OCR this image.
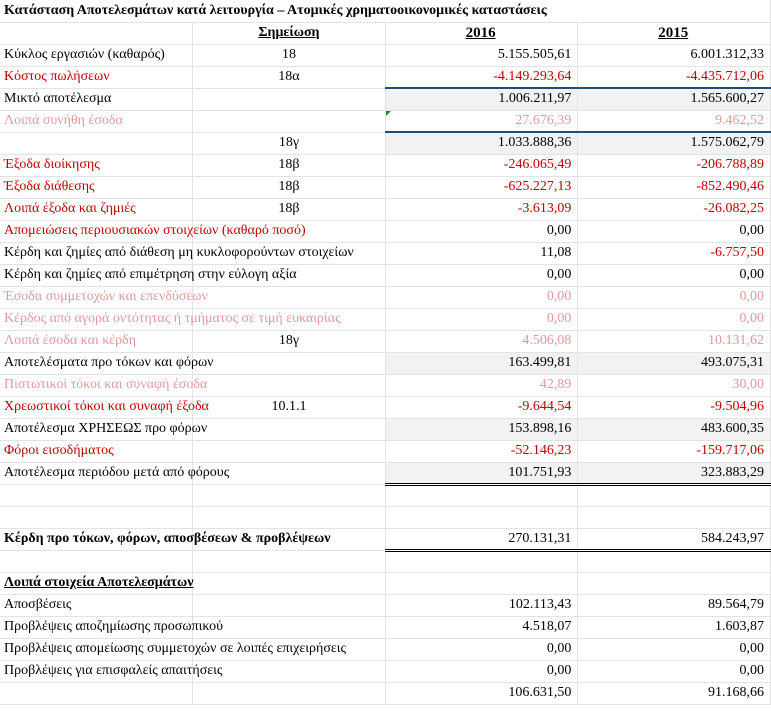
Κατάσταση Αποτελεσμάτων κατά λειτουργία – Ατομικές χρηματοοικονομικές καταστάσεις			
	Σημείωση	2016	2015
Κύκλος εργασιών (καθαρός)	18	5.155.505,61	6.001.312,33
Κόστος πωλήσεων	18α	-4.149.293,64	-4.435.712,06
Μικτό αποτέλεσμα		1.006.211,97	1.565.600,27
Λοιπά συνήθη έσοδα		27.676,39	9.462,52
	18γ	1.033.888,36	1.575.062,79
Έξοδα διοίκησης	18β	-246.065,49	-206.788,89
Έξοδα διάθεσης	18β	-625.227,13	-852.490,46
Λοιπά έξοδα και ζημιές	18β	-3.613,09	-26.082,25
Απομειώσεις περιουσιακών στοιχείων (καθαρό ποσό)		0,00	0,00
Κέρδη και ζημίες από διάθεση μη κυκλοφορούντων στοιχείων		11,08	-6.757,50
Κέρδη και ζημίες από επιμέτρηση στην εύλογη αξία		0,00	0,00
Έσοδα συμμετοχών και επενδύσεων		0,00	0,00
Κέρδος από αγορά οντότητας ή τμήματος σε τιμή ευκαιρίας		0,00	0,00
Λοιπά έσοδα και κέρδη	18γ	4.506,08	10.131,62
Αποτελέσματα προ τόκων και φόρων		163.499,81	493.075,31
Πιστωτικοί τόκοι και συναφή έσοδα		42,89	30,00
Χρεωστικοί τόκοι και συναφή έξοδα	10.1.1	-9.644,54	-9.504,96
Αποτέλεσμα ΧΡΗΣΕΩΣ προ φόρων		153.898,16	483.600,35
Φόροι εισοδήματος		-52.146,23	-159.717,06
Αποτέλεσμα περιόδου μετά από φόρους		101.751,93	323.883,29

Κέρδη προ τόκων, φόρων, αποσβέσεων & προβλέψεων		270.131,31	584.243,97

Λοιπά στοιχεία Αποτελεσμάτων			
Αποσβέσεις		102.113,43	89.564,79
Προβλέψεις αποζημίωσης προσωπικού		4.518,07	1.603,87
Προβλέψεις απομείωσης συμμετοχών σε λοιπές επιχειρήσεις		0,00	0,00
Προβλέψεις για επισφαλείς απαιτήσεις		0,00	0,00
		106.631,50	91.168,66
